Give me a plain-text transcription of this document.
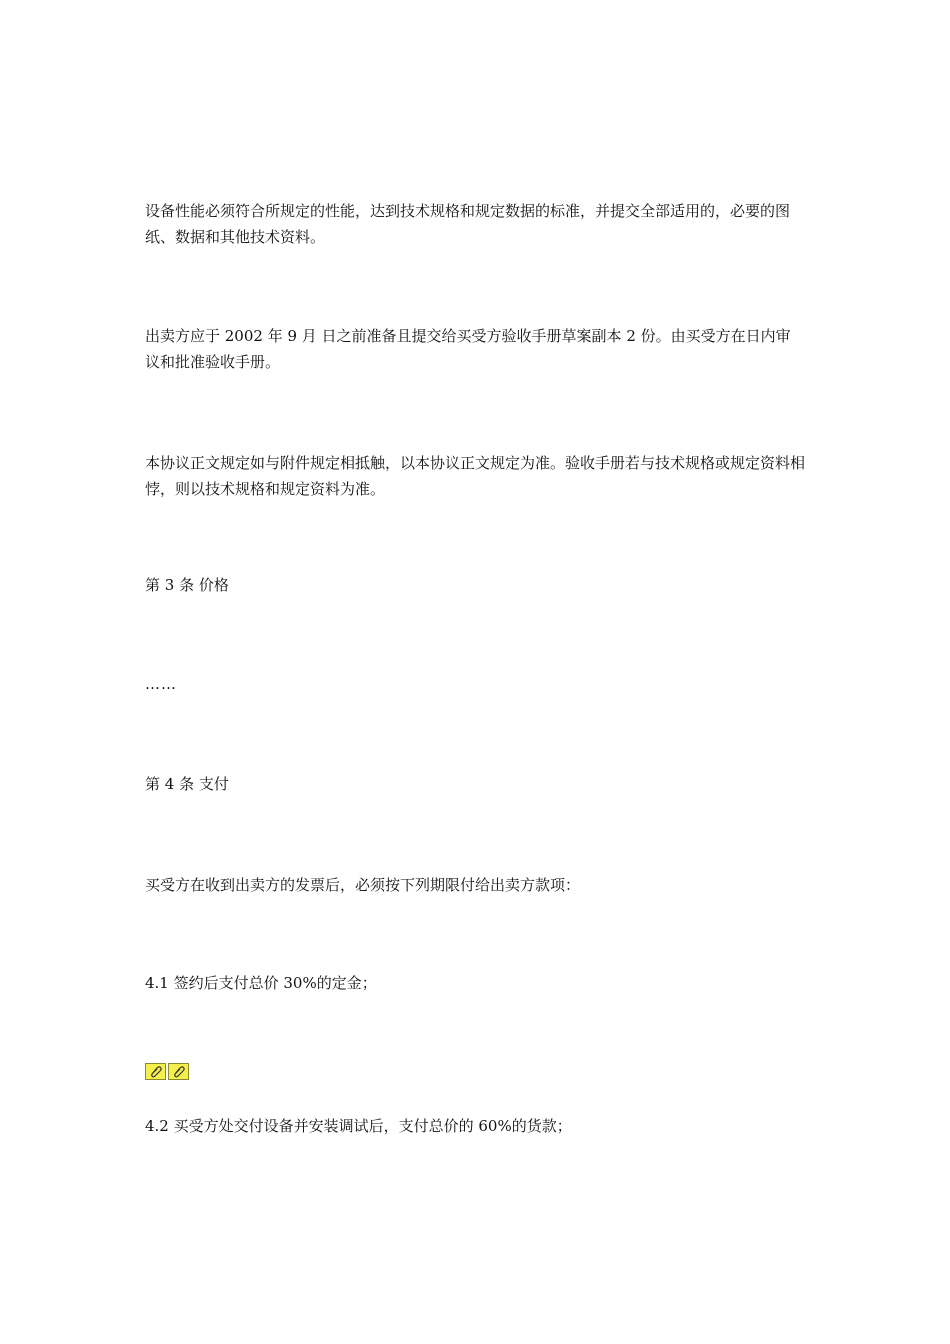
设备性能必须符合所规定的性能，达到技术规格和规定数据的标准，并提交全部适用的，必要的图纸、数据和其他技术资料。

出卖方应于 2002 年 9 月 日之前准备且提交给买受方验收手册草案副本 2 份。由买受方在日内审议和批准验收手册。

本协议正文规定如与附件规定相抵触，以本协议正文规定为准。验收手册若与技术规格或规定资料相悖，则以技术规格和规定资料为准。

第 3 条 价格

……

第 4 条 支付

买受方在收到出卖方的发票后，必须按下列期限付给出卖方款项：

4.1 签约后支付总价 30%的定金；

4.2 买受方处交付设备并安装调试后，支付总价的 60%的货款；
